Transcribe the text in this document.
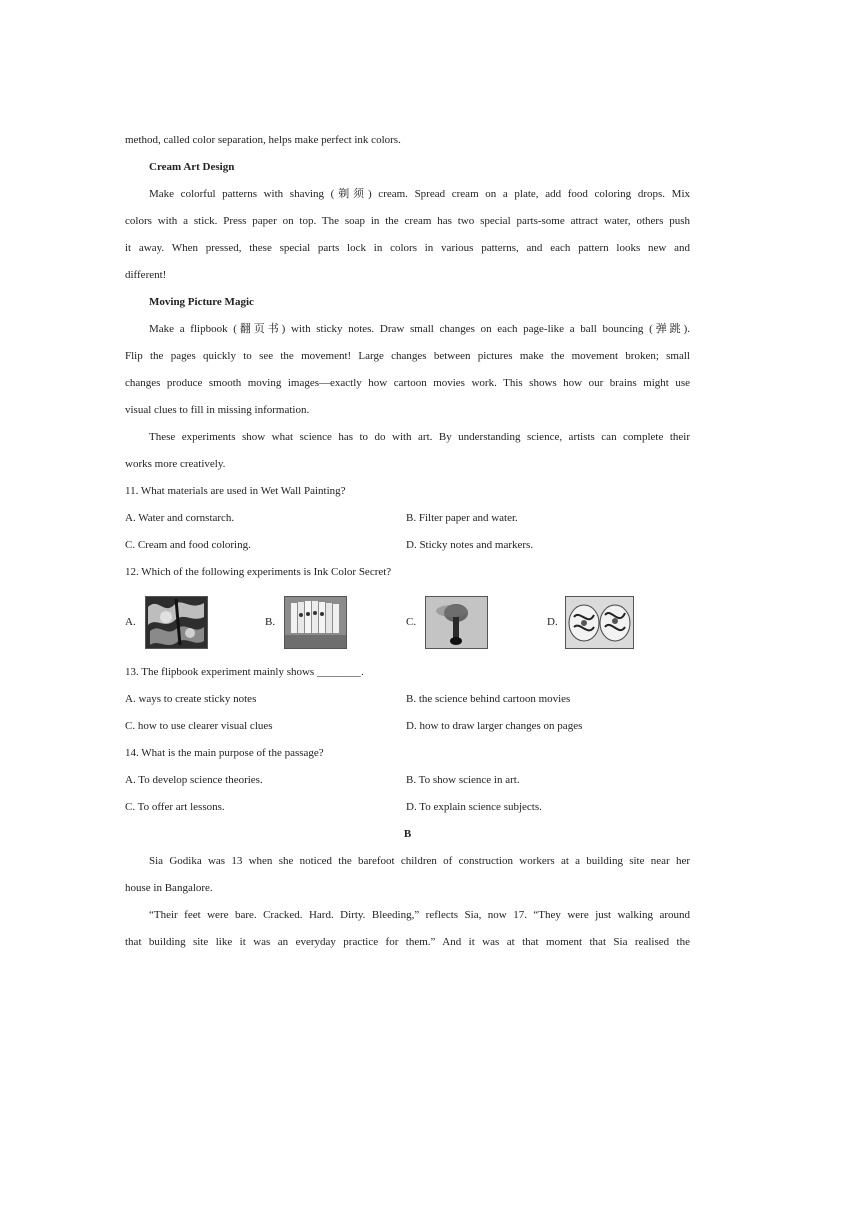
method, called color separation, helps make perfect ink colors.
Cream Art Design
Make colorful patterns with shaving (剃须) cream. Spread cream on a plate, add food coloring drops. Mix
colors with a stick. Press paper on top. The soap in the cream has two special parts-some attract water, others push
it away. When pressed, these special parts lock in colors in various patterns, and each pattern looks new and
different!
Moving Picture Magic
Make a flipbook (翻页书) with sticky notes. Draw small changes on each page-like a ball bouncing (弹跳).
Flip the pages quickly to see the movement! Large changes between pictures make the movement broken; small
changes produce smooth moving images—exactly how cartoon movies work. This shows how our brains might use
visual clues to fill in missing information.
These experiments show what science has to do with art. By understanding science, artists can complete their
works more creatively.
11. What materials are used in Wet Wall Painting?
A. Water and cornstarch.	B. Filter paper and water.
C. Cream and food coloring.	D. Sticky notes and markers.
12. Which of the following experiments is Ink Color Secret?
A.	B.	C.	D.
13. The flipbook experiment mainly shows ________.
A. ways to create sticky notes	B. the science behind cartoon movies
C. how to use clearer visual clues	D. how to draw larger changes on pages
14. What is the main purpose of the passage?
A. To develop science theories.	B. To show science in art.
C. To offer art lessons.	D. To explain science subjects.
B
Sia Godika was 13 when she noticed the barefoot children of construction workers at a building site near her
house in Bangalore.
“Their feet were bare. Cracked. Hard. Dirty. Bleeding,” reflects Sia, now 17. “They were just walking around
that building site like it was an everyday practice for them.” And it was at that moment that Sia realised the
